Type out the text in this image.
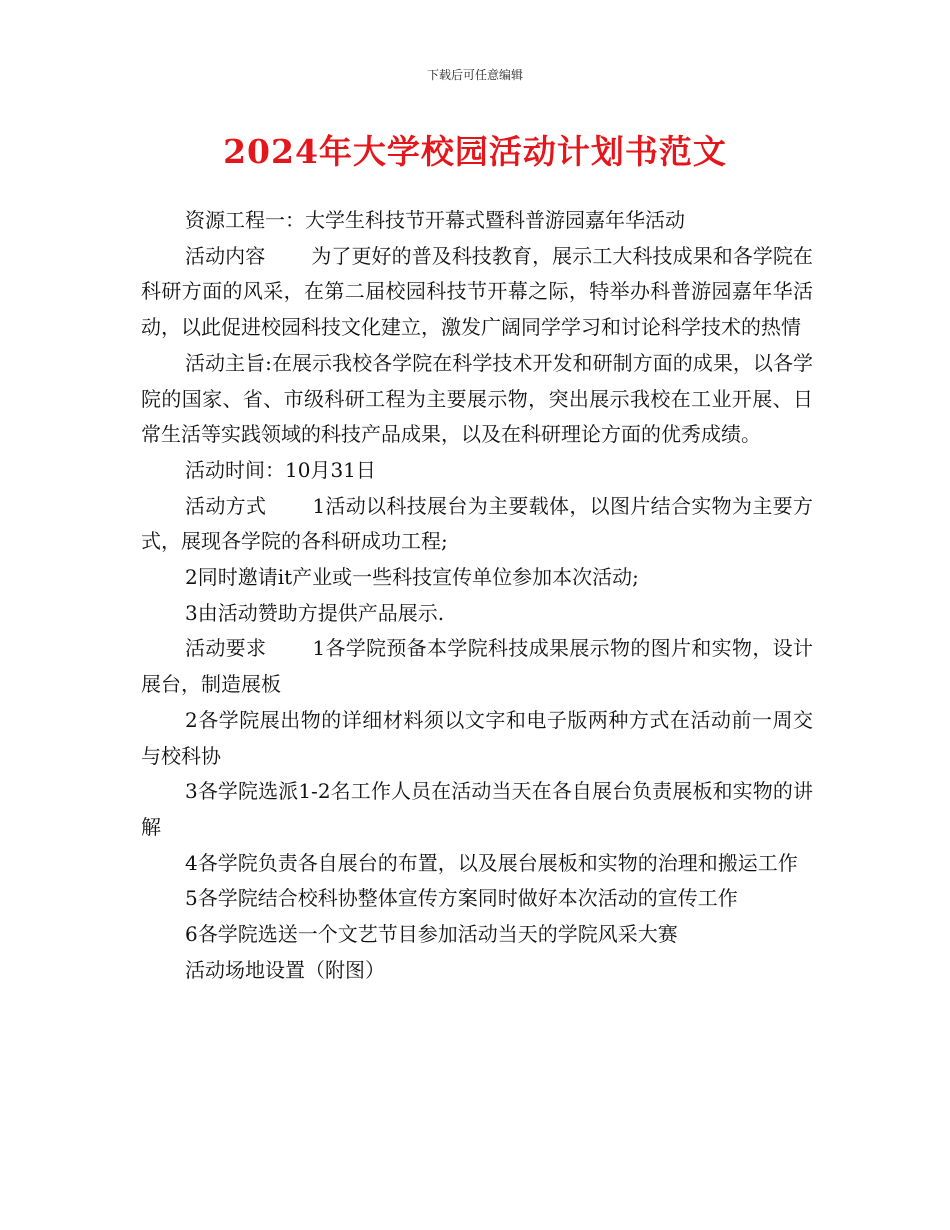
下载后可任意编辑
2024年大学校园活动计划书范文

资源工程一：大学生科技节开幕式暨科普游园嘉年华活动

活动内容 为了更好的普及科技教育，展示工大科技成果和各学院在科研方面的风采，在第二届校园科技节开幕之际，特举办科普游园嘉年华活动，以此促进校园科技文化建立，激发广阔同学学习和讨论科学技术的热情

活动主旨:在展示我校各学院在科学技术开发和研制方面的成果，以各学院的国家、省、市级科研工程为主要展示物，突出展示我校在工业开展、日常生活等实践领域的科技产品成果，以及在科研理论方面的优秀成绩。

活动时间：10月31日

活动方式 1活动以科技展台为主要载体，以图片结合实物为主要方式，展现各学院的各科研成功工程;

2同时邀请it产业或一些科技宣传单位参加本次活动;

3由活动赞助方提供产品展示.

活动要求 1各学院预备本学院科技成果展示物的图片和实物，设计展台，制造展板

2各学院展出物的详细材料须以文字和电子版两种方式在活动前一周交与校科协

3各学院选派1-2名工作人员在活动当天在各自展台负责展板和实物的讲解

4各学院负责各自展台的布置，以及展台展板和实物的治理和搬运工作

5各学院结合校科协整体宣传方案同时做好本次活动的宣传工作

6各学院选送一个文艺节目参加活动当天的学院风采大赛

活动场地设置（附图）
